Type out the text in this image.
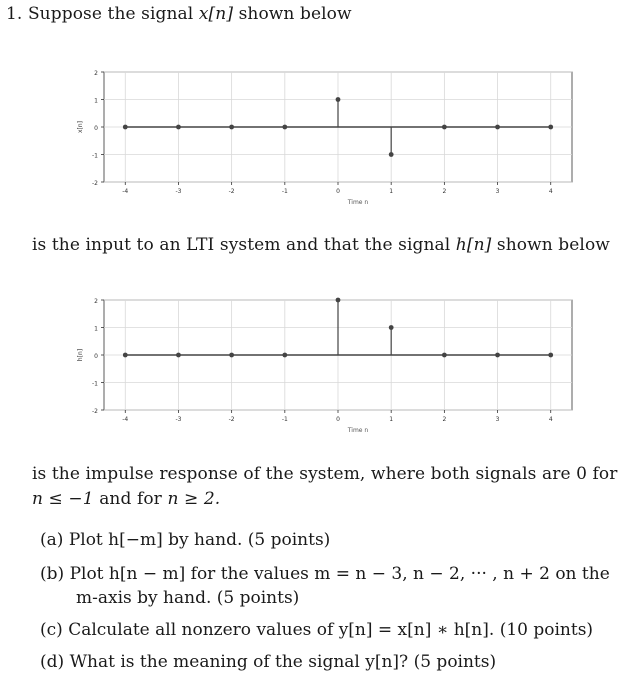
1. Suppose the signal x[n] shown below
2
1
0
-1
-2
-4	-3	-2	-1	0	1	2	3	4
x[n]
Time n
is the input to an LTI system and that the signal h[n] shown below
2
1
0
-1
-2
-4	-3	-2	-1	0	1	2	3	4
h[n]
Time n
is the impulse response of the system, where both signals are 0 for
n ≤ −1 and for n ≥ 2.
(a) Plot h[−m] by hand. (5 points)
(b) Plot h[n − m] for the values m = n − 3, n − 2, ··· , n + 2 on the
m-axis by hand. (5 points)
(c) Calculate all nonzero values of y[n] = x[n] ∗ h[n]. (10 points)
(d) What is the meaning of the signal y[n]? (5 points)
